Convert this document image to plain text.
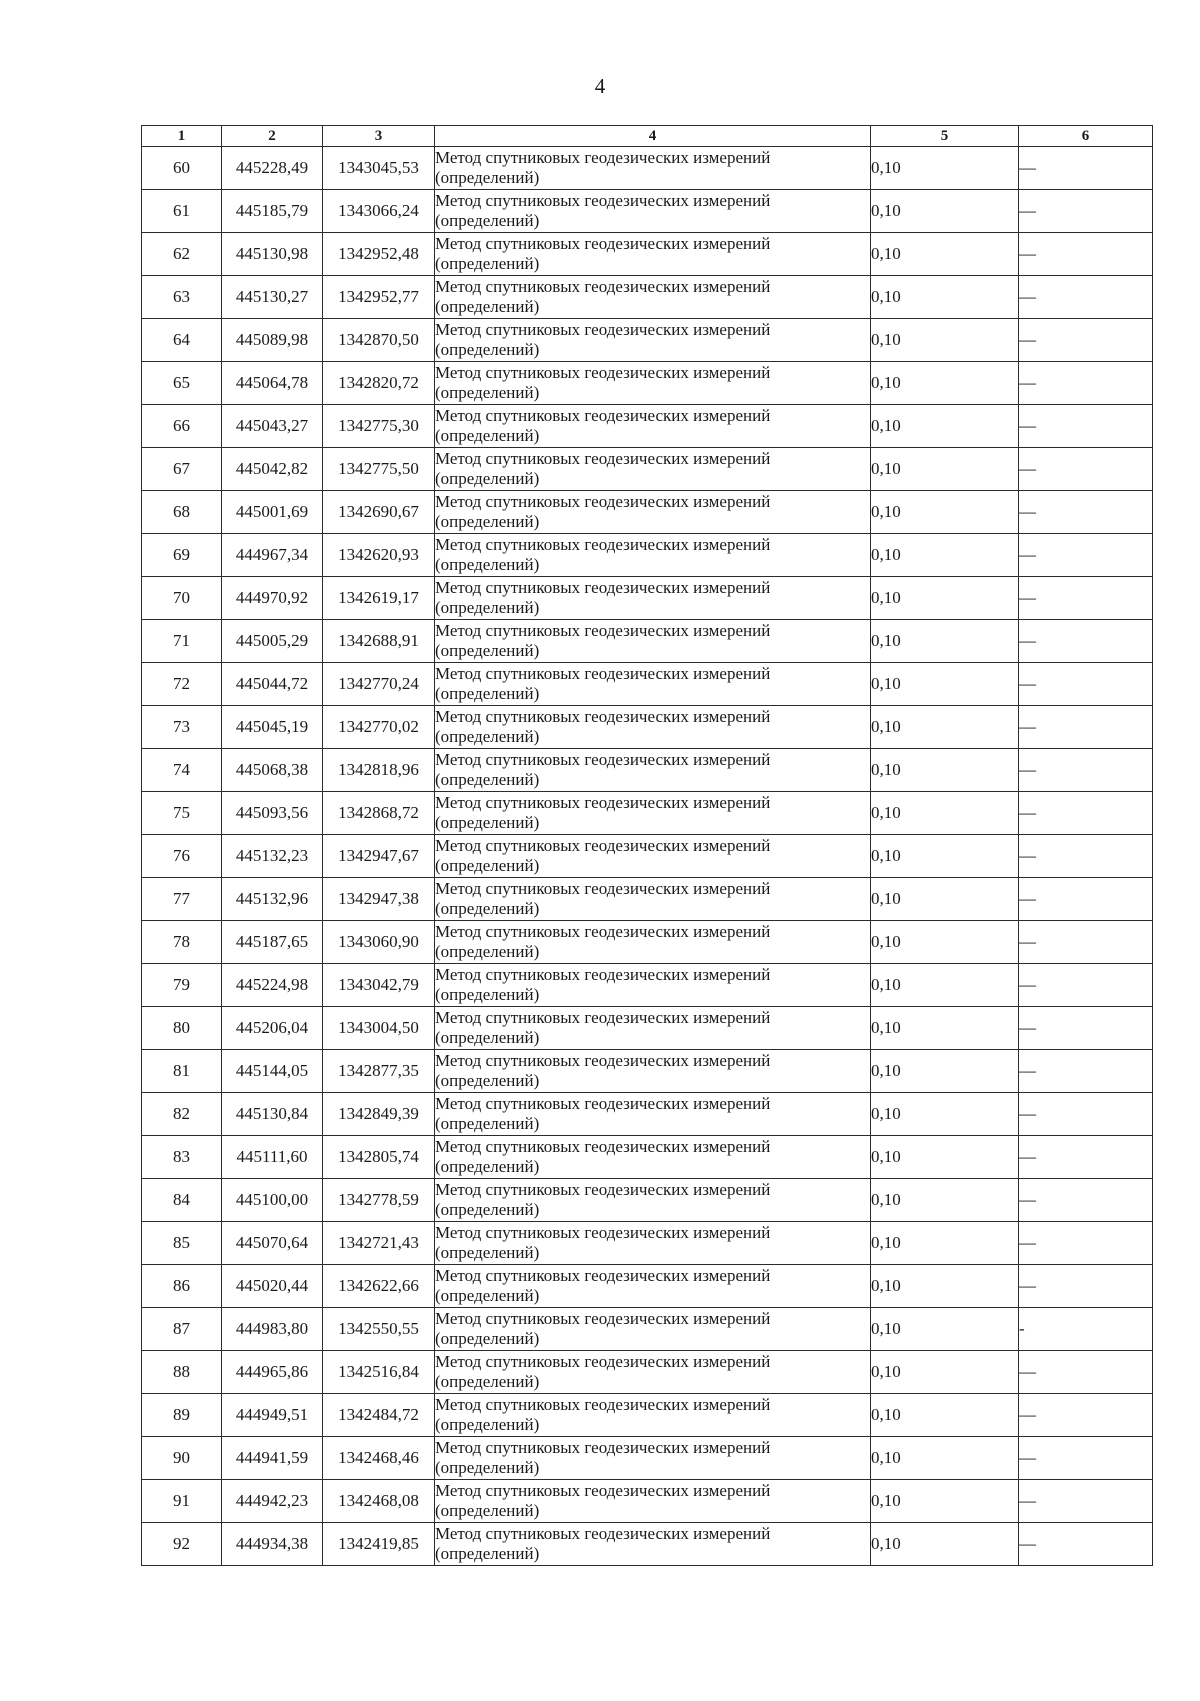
4
1	2	3	4	5	6
60	445228,49	1343045,53	Метод спутниковых геодезических измерений
(определений)	0,10	—
61	445185,79	1343066,24	Метод спутниковых геодезических измерений
(определений)	0,10	—
62	445130,98	1342952,48	Метод спутниковых геодезических измерений
(определений)	0,10	—
63	445130,27	1342952,77	Метод спутниковых геодезических измерений
(определений)	0,10	—
64	445089,98	1342870,50	Метод спутниковых геодезических измерений
(определений)	0,10	—
65	445064,78	1342820,72	Метод спутниковых геодезических измерений
(определений)	0,10	—
66	445043,27	1342775,30	Метод спутниковых геодезических измерений
(определений)	0,10	—
67	445042,82	1342775,50	Метод спутниковых геодезических измерений
(определений)	0,10	—
68	445001,69	1342690,67	Метод спутниковых геодезических измерений
(определений)	0,10	—
69	444967,34	1342620,93	Метод спутниковых геодезических измерений
(определений)	0,10	—
70	444970,92	1342619,17	Метод спутниковых геодезических измерений
(определений)	0,10	—
71	445005,29	1342688,91	Метод спутниковых геодезических измерений
(определений)	0,10	—
72	445044,72	1342770,24	Метод спутниковых геодезических измерений
(определений)	0,10	—
73	445045,19	1342770,02	Метод спутниковых геодезических измерений
(определений)	0,10	—
74	445068,38	1342818,96	Метод спутниковых геодезических измерений
(определений)	0,10	—
75	445093,56	1342868,72	Метод спутниковых геодезических измерений
(определений)	0,10	—
76	445132,23	1342947,67	Метод спутниковых геодезических измерений
(определений)	0,10	—
77	445132,96	1342947,38	Метод спутниковых геодезических измерений
(определений)	0,10	—
78	445187,65	1343060,90	Метод спутниковых геодезических измерений
(определений)	0,10	—
79	445224,98	1343042,79	Метод спутниковых геодезических измерений
(определений)	0,10	—
80	445206,04	1343004,50	Метод спутниковых геодезических измерений
(определений)	0,10	—
81	445144,05	1342877,35	Метод спутниковых геодезических измерений
(определений)	0,10	—
82	445130,84	1342849,39	Метод спутниковых геодезических измерений
(определений)	0,10	—
83	445111,60	1342805,74	Метод спутниковых геодезических измерений
(определений)	0,10	—
84	445100,00	1342778,59	Метод спутниковых геодезических измерений
(определений)	0,10	—
85	445070,64	1342721,43	Метод спутниковых геодезических измерений
(определений)	0,10	—
86	445020,44	1342622,66	Метод спутниковых геодезических измерений
(определений)	0,10	—
87	444983,80	1342550,55	Метод спутниковых геодезических измерений
(определений)	0,10	-
88	444965,86	1342516,84	Метод спутниковых геодезических измерений
(определений)	0,10	—
89	444949,51	1342484,72	Метод спутниковых геодезических измерений
(определений)	0,10	—
90	444941,59	1342468,46	Метод спутниковых геодезических измерений
(определений)	0,10	—
91	444942,23	1342468,08	Метод спутниковых геодезических измерений
(определений)	0,10	—
92	444934,38	1342419,85	Метод спутниковых геодезических измерений
(определений)	0,10	—
